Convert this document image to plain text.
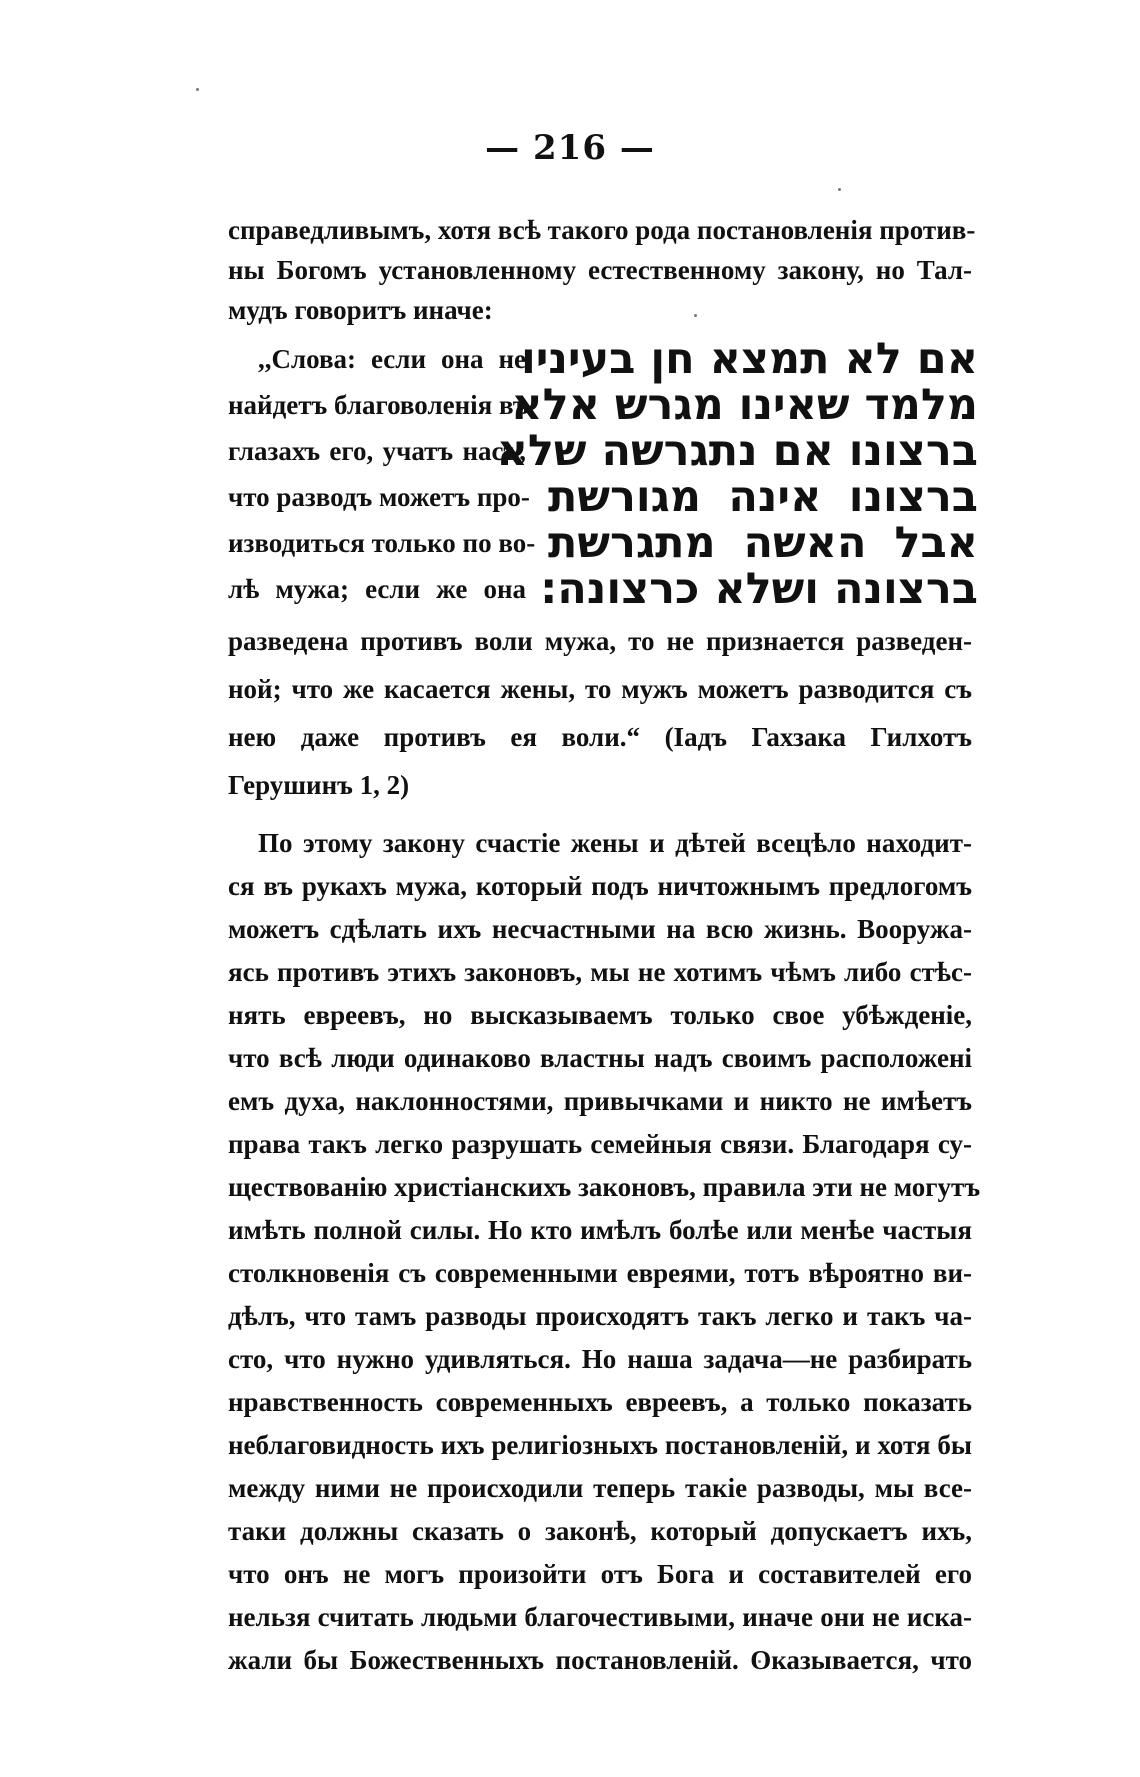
— 216 —
справедливымъ, хотя всѣ такого рода постановленія против-
ны Богомъ установленному естественному закону, но Тал-
мудъ говоритъ иначе:
,,Слова: если она не
найдетъ благоволенія въ
глазахъ его, учатъ насъ,
что разводъ можетъ про-
изводиться только по во-
лѣ мужа; если же она
אם לא תמצא חן בעיניו
מלמד שאינו מגרש אלא
ברצונו אם נתגרשה שלא
ברצונו אינה מגורשת
אבל האשה מתגרשת
ברצונה ושלא כרצונה:
разведена противъ воли мужа, то не признается разведен-
ной; что же касается жены, то мужъ можетъ разводится съ
нею даже противъ ея воли.“ (Іадъ Гахзака Гилхотъ
Герушинъ 1, 2)
По этому закону счастіе жены и дѣтей всецѣло находит-
ся въ рукахъ мужа, который подъ ничтожнымъ предлогомъ
можетъ сдѣлать ихъ несчастными на всю жизнь. Вооружа-
ясь противъ этихъ законовъ, мы не хотимъ чѣмъ либо стѣс-
нять евреевъ, но высказываемъ только свое убѣжденіе,
что всѣ люди одинаково властны надъ своимъ расположені
емъ духа, наклонностями, привычками и никто не имѣетъ
права такъ легко разрушать семейныя связи. Благодаря су-
ществованію христіанскихъ законовъ, правила эти не могутъ
имѣть полной силы. Но кто имѣлъ болѣе или менѣе частыя
столкновенія съ современными евреями, тотъ вѣроятно ви-
дѣлъ, что тамъ разводы происходятъ такъ легко и такъ ча-
сто, что нужно удивляться. Но наша задача—не разбирать
нравственность современныхъ евреевъ, а только показать
неблаговидность ихъ религіозныхъ постановленій, и хотя бы
между ними не происходили теперь такіе разводы, мы все-
таки должны сказать о законѣ, который допускаетъ ихъ,
что онъ не могъ произойти отъ Бога и составителей его
нельзя считать людьми благочестивыми, иначе они не иска-
жали бы Божественныхъ постановленій. Оказывается, что
